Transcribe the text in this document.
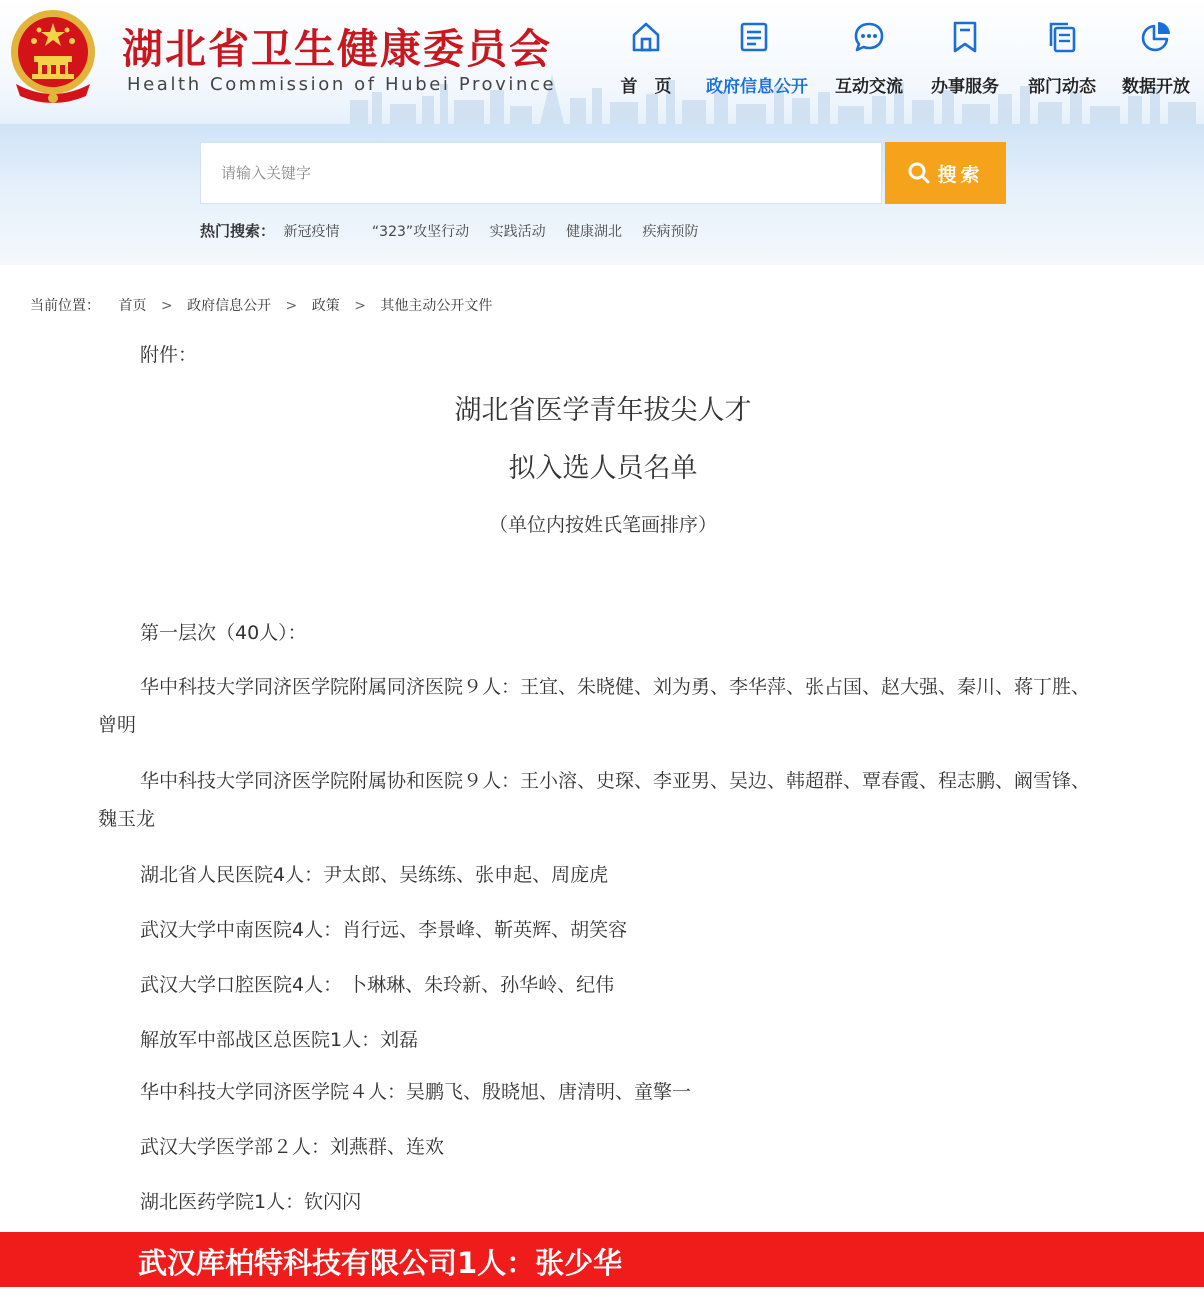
湖北省卫生健康委员会
Health Commission of Hubei Province	首　页	政府信息公开	互动交流	办事服务	部门动态	数据开放
请输入关键字
搜索
热门搜索： 新冠疫情 “323”攻坚行动 实践活动 健康湖北 疾病预防
当前位置： 首页 > 政府信息公开 > 政策 > 其他主动公开文件
附件：
湖北省医学青年拔尖人才
拟入选人员名单
（单位内按姓氏笔画排序）
第一层次（40人）：
华中科技大学同济医学院附属同济医院９人：王宜、朱晓健、刘为勇、李华萍、张占国、赵大强、秦川、蒋丁胜、曾明
华中科技大学同济医学院附属协和医院９人：王小溶、史琛、李亚男、吴边、韩超群、覃春霞、程志鹏、阚雪锋、魏玉龙
湖北省人民医院4人：尹太郎、吴练练、张申起、周庞虎
武汉大学中南医院4人：肖行远、李景峰、靳英辉、胡笑容
武汉大学口腔医院4人： 卜琳琳、朱玲新、孙华岭、纪伟
解放军中部战区总医院1人：刘磊
华中科技大学同济医学院４人：吴鹏飞、殷晓旭、唐清明、童擎一
武汉大学医学部２人：刘燕群、连欢
湖北医药学院1人：钦闪闪
武汉库柏特科技有限公司1人：张少华
